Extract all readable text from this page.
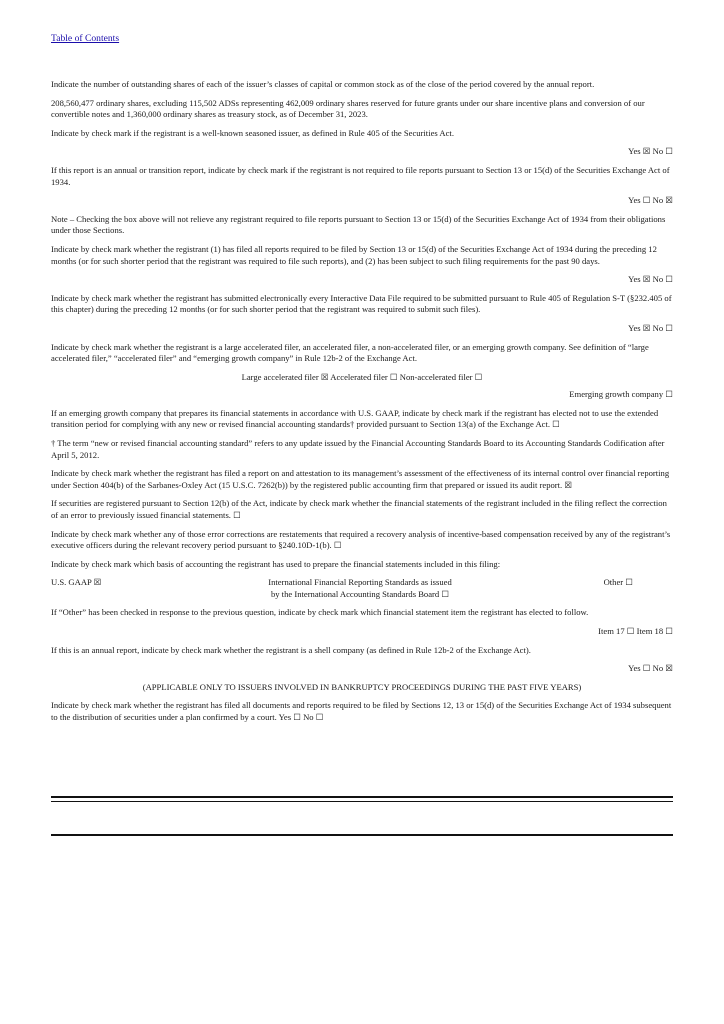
Table of Contents

Indicate the number of outstanding shares of each of the issuer’s classes of capital or common stock as of the close of the period covered by the annual report.

208,560,477 ordinary shares, excluding 115,502 ADSs representing 462,009 ordinary shares reserved for future grants under our share incentive plans and conversion of our convertible notes and 1,360,000 ordinary shares as treasury stock, as of December 31, 2023.

Indicate by check mark if the registrant is a well-known seasoned issuer, as defined in Rule 405 of the Securities Act.

Yes ☒ No ☐

If this report is an annual or transition report, indicate by check mark if the registrant is not required to file reports pursuant to Section 13 or 15(d) of the Securities Exchange Act of 1934.

Yes ☐ No ☒

Note – Checking the box above will not relieve any registrant required to file reports pursuant to Section 13 or 15(d) of the Securities Exchange Act of 1934 from their obligations under those Sections.

Indicate by check mark whether the registrant (1) has filed all reports required to be filed by Section 13 or 15(d) of the Securities Exchange Act of 1934 during the preceding 12 months (or for such shorter period that the registrant was required to file such reports), and (2) has been subject to such filing requirements for the past 90 days.

Yes ☒ No ☐

Indicate by check mark whether the registrant has submitted electronically every Interactive Data File required to be submitted pursuant to Rule 405 of Regulation S-T (§232.405 of this chapter) during the preceding 12 months (or for such shorter period that the registrant was required to submit such files).

Yes ☒ No ☐

Indicate by check mark whether the registrant is a large accelerated filer, an accelerated filer, a non-accelerated filer, or an emerging growth company. See definition of “large accelerated filer,” “accelerated filer” and “emerging growth company” in Rule 12b-2 of the Exchange Act.

Large accelerated filer ☒ Accelerated filer ☐ Non-accelerated filer ☐
Emerging growth company ☐

If an emerging growth company that prepares its financial statements in accordance with U.S. GAAP, indicate by check mark if the registrant has elected not to use the extended transition period for complying with any new or revised financial accounting standards† provided pursuant to Section 13(a) of the Exchange Act. ☐

† The term “new or revised financial accounting standard” refers to any update issued by the Financial Accounting Standards Board to its Accounting Standards Codification after April 5, 2012.

Indicate by check mark whether the registrant has filed a report on and attestation to its management’s assessment of the effectiveness of its internal control over financial reporting under Section 404(b) of the Sarbanes-Oxley Act (15 U.S.C. 7262(b)) by the registered public accounting firm that prepared or issued its audit report. ☒

If securities are registered pursuant to Section 12(b) of the Act, indicate by check mark whether the financial statements of the registrant included in the filing reflect the correction of an error to previously issued financial statements. ☐

Indicate by check mark whether any of those error corrections are restatements that required a recovery analysis of incentive-based compensation received by any of the registrant’s executive officers during the relevant recovery period pursuant to §240.10D-1(b). ☐

Indicate by check mark which basis of accounting the registrant has used to prepare the financial statements included in this filing:

U.S. GAAP ☒	International Financial Reporting Standards as issued
by the International Accounting Standards Board ☐
Other ☐

If “Other” has been checked in response to the previous question, indicate by check mark which financial statement item the registrant has elected to follow.

Item 17 ☐ Item 18 ☐

If this is an annual report, indicate by check mark whether the registrant is a shell company (as defined in Rule 12b-2 of the Exchange Act).

Yes ☐ No ☒
(APPLICABLE ONLY TO ISSUERS INVOLVED IN BANKRUPTCY PROCEEDINGS DURING THE PAST FIVE YEARS)

Indicate by check mark whether the registrant has filed all documents and reports required to be filed by Sections 12, 13 or 15(d) of the Securities Exchange Act of 1934 subsequent to the distribution of securities under a plan confirmed by a court. Yes ☐ No ☐
